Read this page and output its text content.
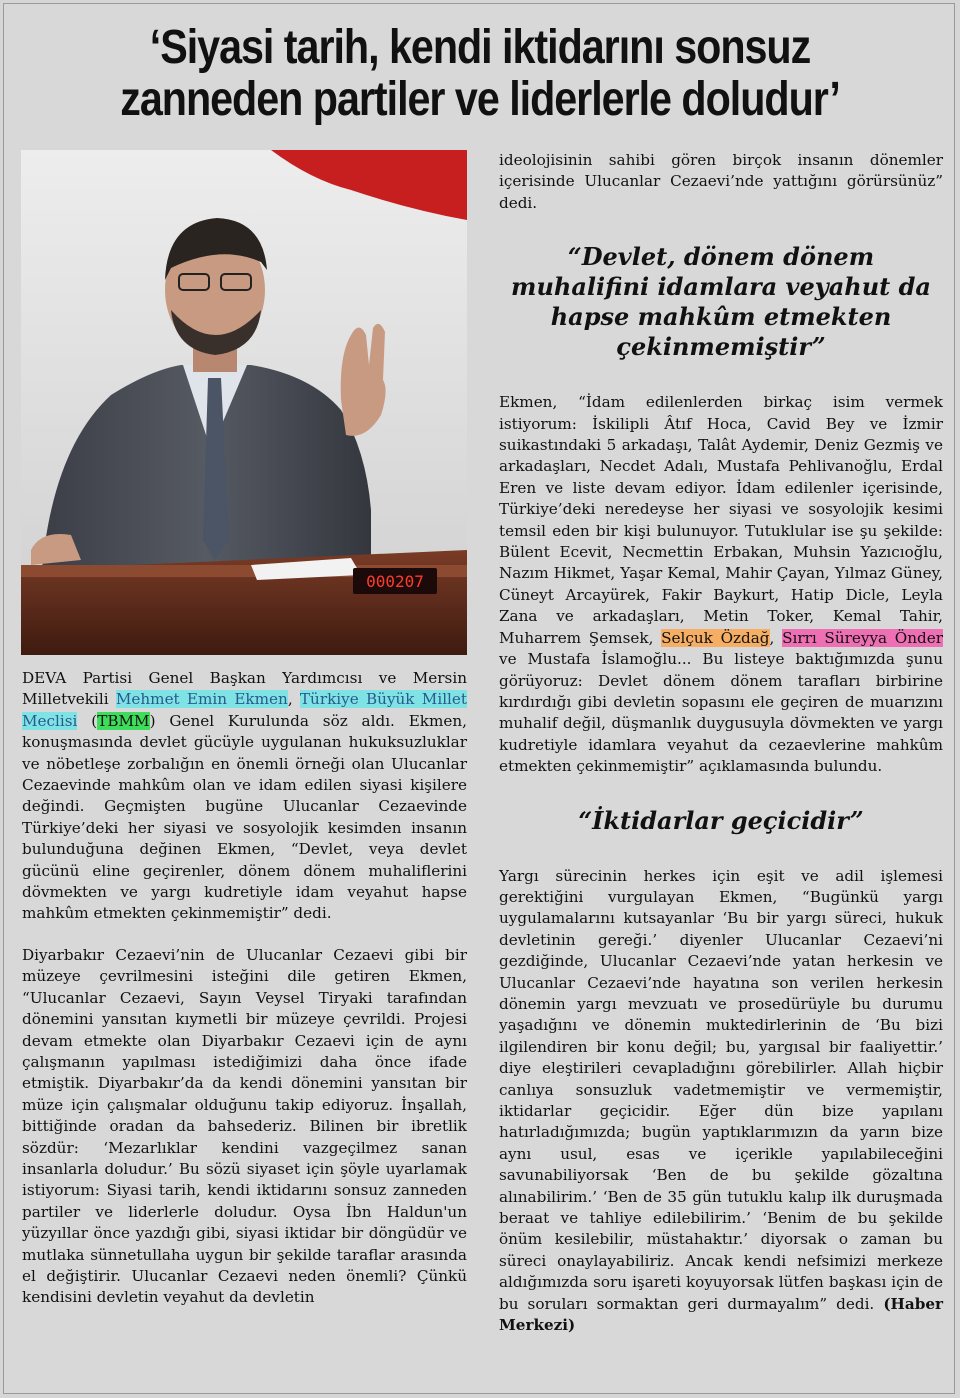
‘Siyasi tarih, kendi iktidarını sonsuz
zanneden partiler ve liderlerle doludur’
000207

DEVA Partisi Genel Başkan Yardımcısı ve Mersin Milletvekili Mehmet Emin Ekmen, Türkiye Büyük Millet Meclisi (TBMM) Genel Kurulunda söz aldı. Ekmen, konuşmasında devlet gücüyle uygulanan hukuksuzluklar ve nöbetleşe zorbalığın en önemli örneği olan Ulucanlar Cezaevinde mahkûm olan ve idam edilen siyasi kişilere değindi. Geçmişten bugüne Ulucanlar Cezaevinde Türkiye’deki her siyasi ve sosyolojik kesimden insanın bulunduğuna değinen Ekmen, “Devlet, veya devlet gücünü eline geçirenler, dönem dönem muhaliflerini dövmekten ve yargı kudretiyle idam veyahut hapse mahkûm etmekten çekinmemiştir” dedi.

Diyarbakır Cezaevi’nin de Ulucanlar Cezaevi gibi bir müzeye çevrilmesini isteğini dile getiren Ekmen, “Ulucanlar Cezaevi, Sayın Veysel Tiryaki tarafından dönemini yansıtan kıymetli bir müzeye çevrildi. Projesi devam etmekte olan Diyarbakır Cezaevi için de aynı çalışmanın yapılması istediğimizi daha önce ifade etmiştik. Diyarbakır’da da kendi dönemini yansıtan bir müze için çalışmalar olduğunu takip ediyoruz. İnşallah, bittiğinde oradan da bahsederiz. Bilinen bir ibretlik sözdür: ‘Mezarlıklar kendini vazgeçilmez sanan insanlarla doludur.’ Bu sözü siyaset için şöyle uyarlamak istiyorum: Siyasi tarih, kendi iktidarını sonsuz zanneden partiler ve liderlerle doludur. Oysa İbn Haldun'un yüzyıllar önce yazdığı gibi, siyasi iktidar bir döngüdür ve mutlaka sünnetullaha uygun bir şekilde taraflar arasında el değiştirir. Ulucanlar Cezaevi neden önemli? Çünkü kendisini devletin veyahut da devletin

ideolojisinin sahibi gören birçok insanın dönemler içerisinde Ulucanlar Cezaevi’nde yattığını görürsünüz” dedi.

“Devlet, dönem dönem muhalifini idamlara veyahut da hapse mahkûm etmekten çekinmemiştir”

Ekmen, “İdam edilenlerden birkaç isim vermek istiyorum: İskilipli Âtıf Hoca, Cavid Bey ve İzmir suikastındaki 5 arkadaşı, Talât Aydemir, Deniz Gezmiş ve arkadaşları, Necdet Adalı, Mustafa Pehlivanoğlu, Erdal Eren ve liste devam ediyor. İdam edilenler içerisinde, Türkiye’deki neredeyse her siyasi ve sosyolojik kesimi temsil eden bir kişi bulunuyor. Tutuklular ise şu şekilde: Bülent Ecevit, Necmettin Erbakan, Muhsin Yazıcıoğlu, Nazım Hikmet, Yaşar Kemal, Mahir Çayan, Yılmaz Güney, Cüneyt Arcayürek, Fakir Baykurt, Hatip Dicle, Leyla Zana ve arkadaşları, Metin Toker, Kemal Tahir, Muharrem Şemsek, Selçuk Özdağ, Sırrı Süreyya Önder ve Mustafa İslamoğlu... Bu listeye baktığımızda şunu görüyoruz: Devlet dönem dönem tarafları birbirine kırdırdığı gibi devletin sopasını ele geçiren de muarızını muhalif değil, düşmanlık duygusuyla dövmekten ve yargı kudretiyle idamlara veyahut da cezaevlerine mahkûm etmekten çekinmemiştir” açıklamasında bulundu.

“İktidarlar geçicidir”

Yargı sürecinin herkes için eşit ve adil işlemesi gerektiğini vurgulayan Ekmen, “Bugünkü yargı uygulamalarını kutsayanlar ‘Bu bir yargı süreci, hukuk devletinin gereği.’ diyenler Ulucanlar Cezaevi’ni gezdiğinde, Ulucanlar Cezaevi’nde yatan herkesin ve Ulucanlar Cezaevi’nde hayatına son verilen herkesin dönemin yargı mevzuatı ve prosedürüyle bu durumu yaşadığını ve dönemin muktedirlerinin de ‘Bu bizi ilgilendiren bir konu değil; bu, yargısal bir faaliyettir.’ diye eleştirileri cevapladığını görebilirler. Allah hiçbir canlıya sonsuzluk vadetmemiştir ve vermemiştir, iktidarlar geçicidir. Eğer dün bize yapılanı hatırladığımızda; bugün yaptıklarımızın da yarın bize aynı usul, esas ve içerikle yapılabileceğini savunabiliyorsak ‘Ben de bu şekilde gözaltına alınabilirim.’ ‘Ben de 35 gün tutuklu kalıp ilk duruşmada beraat ve tahliye edilebilirim.’ ‘Benim de bu şekilde önüm kesilebilir, müstahaktır.’ diyorsak o zaman bu süreci onaylayabiliriz. Ancak kendi nefsimizi merkeze aldığımızda soru işareti koyuyorsak lütfen başkası için de bu soruları sormaktan geri durmayalım” dedi. (Haber Merkezi)
